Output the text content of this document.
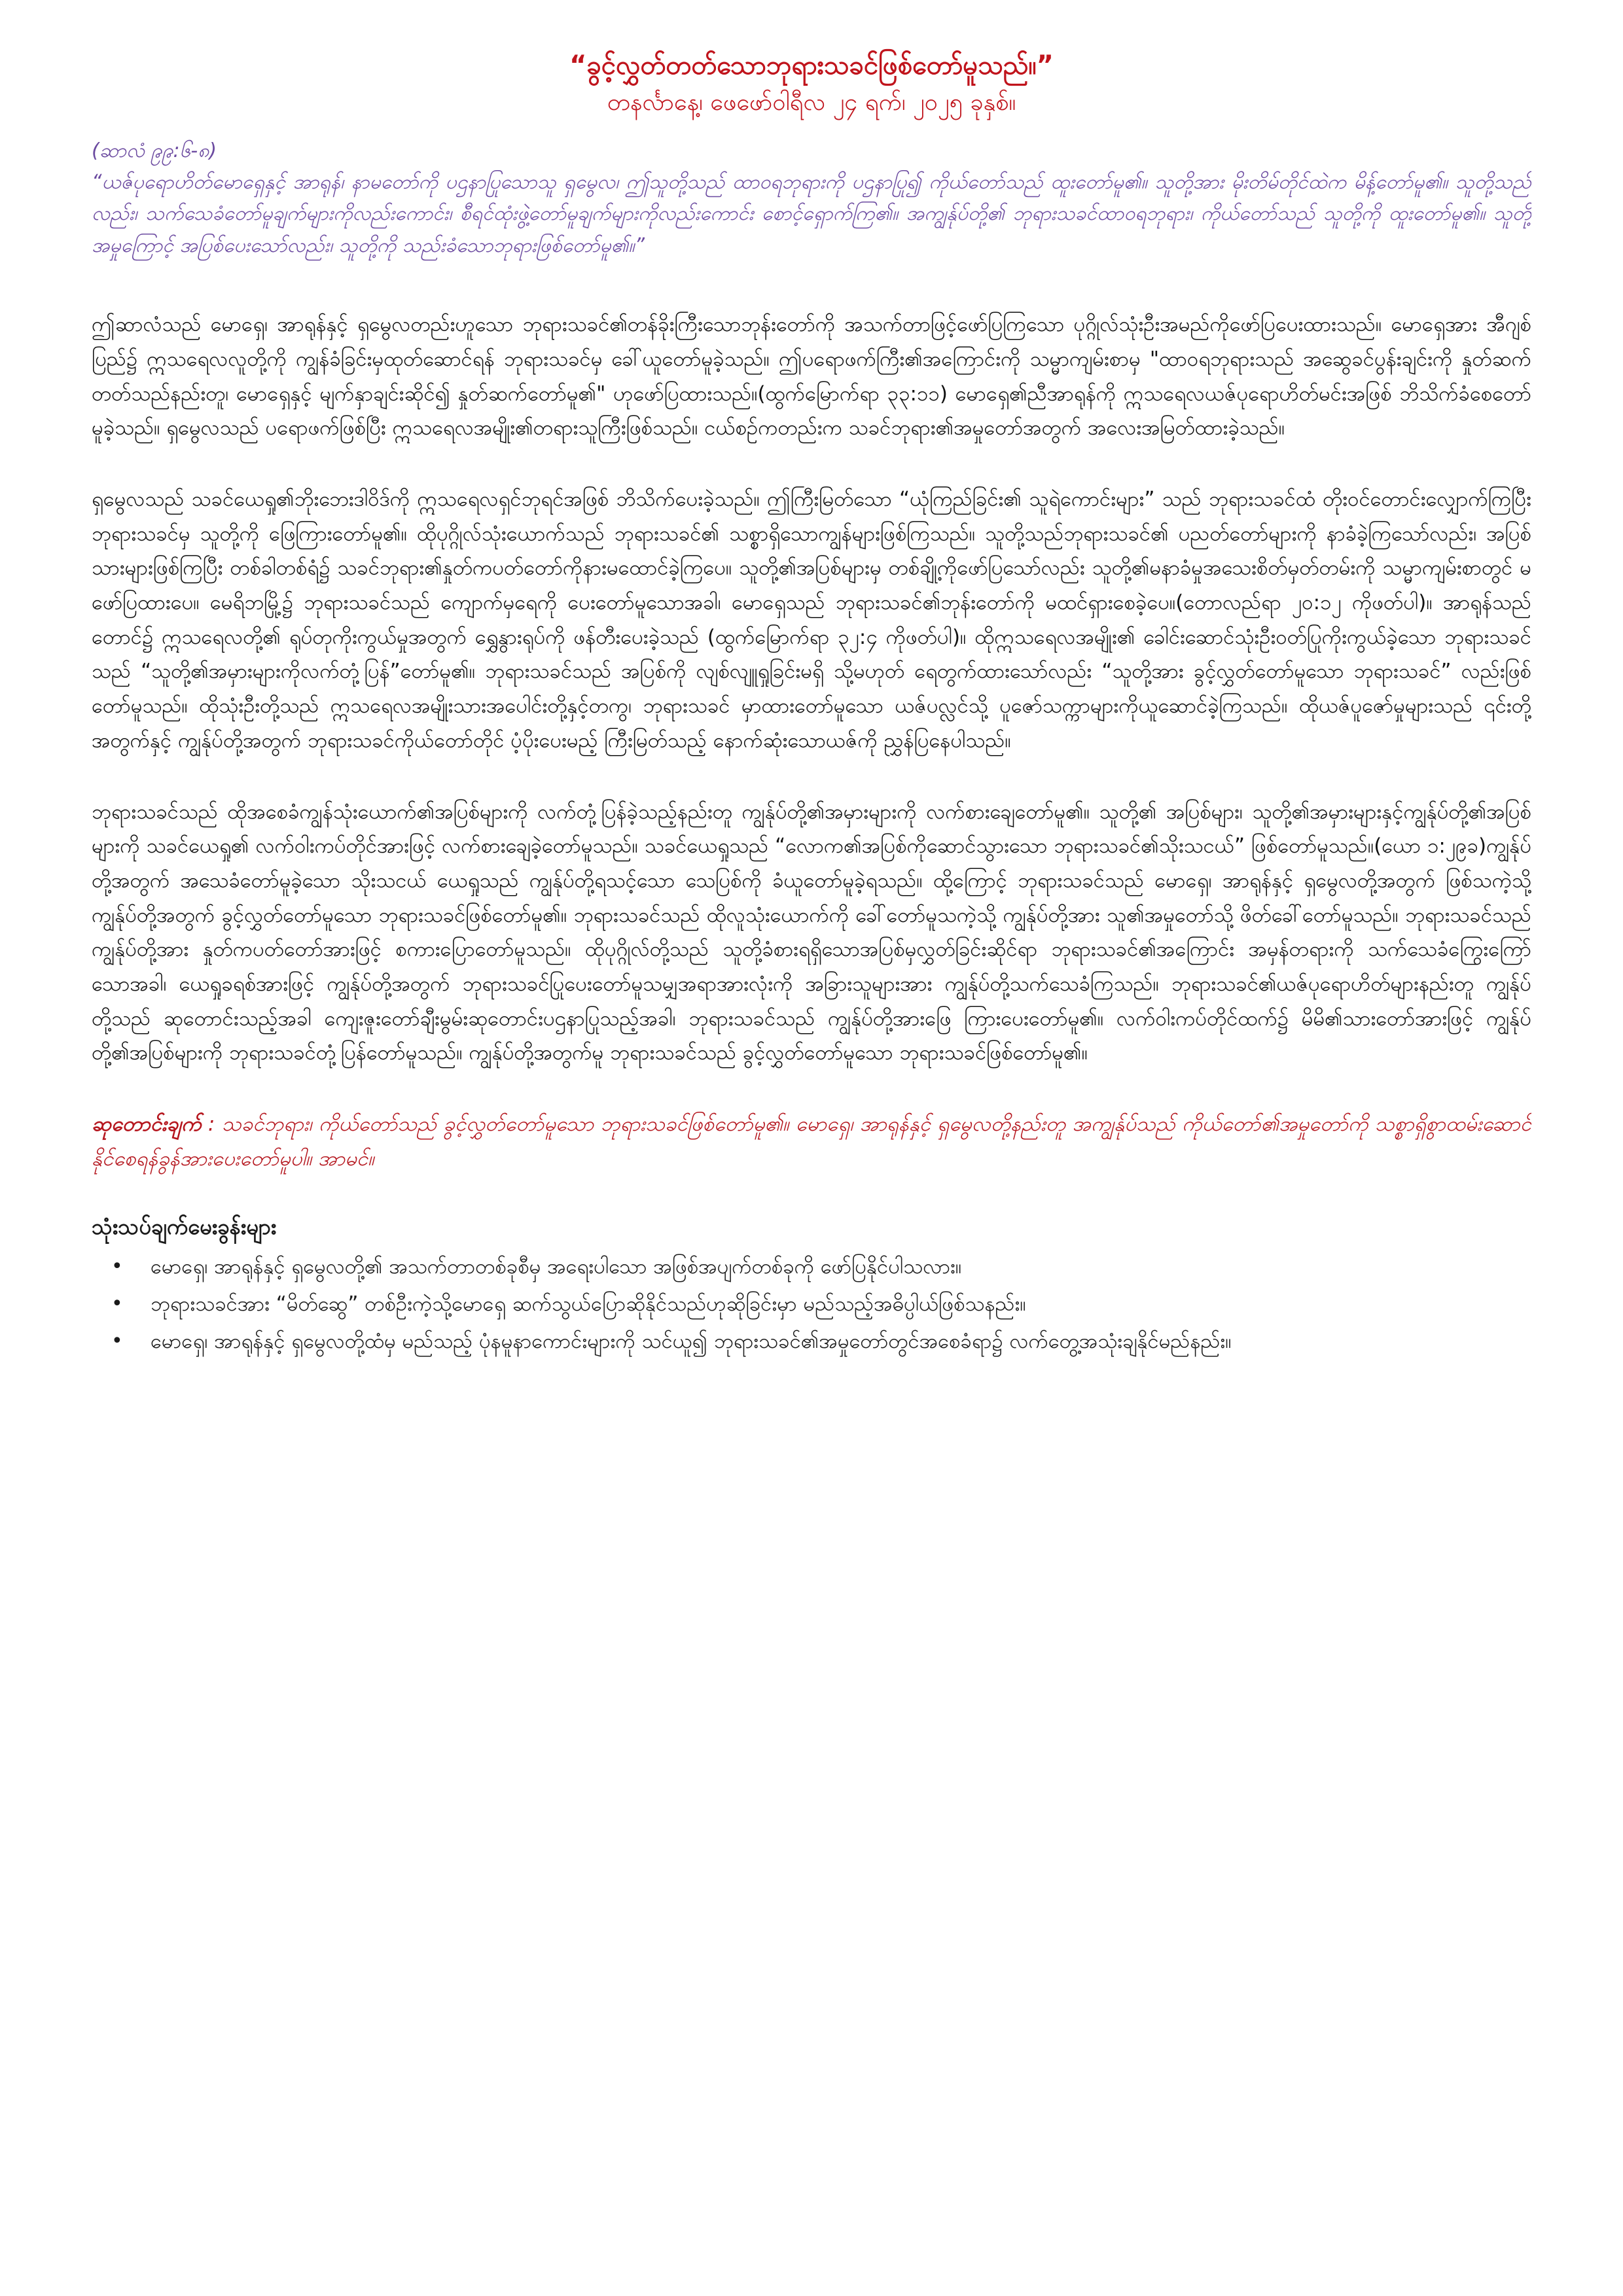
“ခွင့်လွှတ်တတ်သောဘုရားသခင်ဖြစ်တော်မူသည်။”

တနင်္လာနေ့၊ ဖေဖော်ဝါရီလ ၂၄ ရက်၊ ၂၀၂၅ ခုနှစ်။

(ဆာလံ ၉၉:၆-၈)

“ယဇ်ပုရောဟိတ်မောရှေနှင့် အာရုန်၊ နာမတော်ကို ပဌနာပြုသောသူ ရှမွေလ၊ ဤသူတို့သည် ထာဝရဘုရားကို ပဌနာပြု၍ ကိုယ်တော်သည် ထူးတော်မူ၏။ သူတို့အား မိုးတိမ်တိုင်ထဲက မိန့်တော်မူ၏။ သူတို့သည်လည်း၊ သက်သေခံတော်မူချက်များကိုလည်းကောင်း၊ စီရင်ထုံးဖွဲ့တော်မူချက်များကိုလည်းကောင်း စောင့်ရှောက်ကြ၏။ အကျွန်ုပ်တို့၏ ဘုရားသခင်ထာဝရဘုရား၊ ကိုယ်တော်သည် သူတို့ကို ထူးတော်မူ၏။ သူတို့အမှုကြောင့် အပြစ်ပေးသော်လည်း၊ သူတို့ကို သည်းခံသောဘုရားဖြစ်တော်မူ၏။”

ဤဆာလံသည် မောရှေ၊ အာရုန်နှင့် ရှမွေလတည်းဟူသော ဘုရားသခင်၏တန်ခိုးကြီးသောဘုန်းတော်ကို အသက်တာဖြင့်ဖော်ပြကြသော ပုဂ္ဂိုလ်သုံးဦးအမည်ကိုဖော်ပြပေးထားသည်။ မောရှေအား အီဂျစ်ပြည်၌ ဣသရေလလူတို့ကို ကျွန်ခံခြင်းမှထုတ်ဆောင်ရန် ဘုရားသခင်မှ ခေါ်ယူတော်မူခဲ့သည်။ ဤပရောဖက်ကြီး၏အကြောင်းကို သမ္မာကျမ်းစာမှ "ထာဝရဘုရားသည် အဆွေခင်ပွန်းချင်းကို နှုတ်ဆက်တတ်သည်နည်းတူ၊ မောရှေနှင့် မျက်နှာချင်းဆိုင်၍ နှုတ်ဆက်တော်မူ၏" ဟုဖော်ပြထားသည်။(ထွက်မြောက်ရာ ၃၃:၁၁) မောရှေ၏ညီအာရုန်ကို ဣသရေလယဇ်ပုရောဟိတ်မင်းအဖြစ် ဘိသိက်ခံစေတော်မူခဲ့သည်။ ရှမွေလသည် ပရောဖက်ဖြစ်ပြီး ဣသရေလအမျိုး၏တရားသူကြီးဖြစ်သည်။ ငယ်စဉ်ကတည်းက သခင်ဘုရား၏အမှုတော်အတွက် အလေးအမြတ်ထားခဲ့သည်။

ရှမွေလသည် သခင်ယေရှု၏ဘိုးဘေးဒါဝိဒ်ကို ဣသရေလရှင်ဘုရင်အဖြစ် ဘိသိက်ပေးခဲ့သည်။ ဤကြီးမြတ်သော “ယုံကြည်ခြင်း၏ သူရဲကောင်းများ” သည် ဘုရားသခင်ထံ တိုးဝင်တောင်းလျှောက်ကြပြီး ဘုရားသခင်မှ သူတို့ကို ဖြေကြားတော်မူ၏။ ထိုပုဂ္ဂိုလ်သုံးယောက်သည် ဘုရားသခင်၏ သစ္စာရှိသောကျွန်များဖြစ်ကြသည်။ သူတို့သည်ဘုရားသခင်၏ ပညတ်တော်များကို နာခံခဲ့ကြသော်လည်း၊ အပြစ်သားများဖြစ်ကြပြီး တစ်ခါတစ်ရံ၌ သခင်ဘုရား၏နှုတ်ကပတ်တော်ကိုနားမထောင်ခဲ့ကြပေ။ သူတို့၏အပြစ်များမှ တစ်ချို့ကိုဖော်ပြသော်လည်း သူတို့၏မနာခံမှုအသေးစိတ်မှတ်တမ်းကို သမ္မာကျမ်းစာတွင် မဖော်ပြထားပေ။ မေရိဘမြို့၌ ဘုရားသခင်သည် ကျောက်မှရေကို ပေးတော်မူသောအခါ၊ မောရှေသည် ဘုရားသခင်၏ဘုန်းတော်ကို မထင်ရှားစေခဲ့ပေ။(တောလည်ရာ ၂၀:၁၂ ကိုဖတ်ပါ)။ အာရုန်သည်တောင်၌ ဣသရေလတို့၏ ရုပ်တုကိုးကွယ်မှုအတွက် ရွှေနွားရုပ်ကို ဖန်တီးပေးခဲ့သည် (ထွက်မြောက်ရာ ၃၂:၄ ကိုဖတ်ပါ)။ ထိုဣသရေလအမျိုး၏ ခေါင်းဆောင်သုံးဦးဝတ်ပြုကိုးကွယ်ခဲ့သော ဘုရားသခင်သည် “သူတို့၏အမှားများကိုလက်တုံ့ပြန်”တော်မူ၏။ ဘုရားသခင်သည် အပြစ်ကို လျစ်လျူရှုခြင်းမရှိ သို့မဟုတ် ရေတွက်ထားသော်လည်း “သူတို့အား ခွင့်လွှတ်တော်မူသော ဘုရားသခင်” လည်းဖြစ်တော်မူသည်။ ထိုသုံးဦးတို့သည် ဣသရေလအမျိုးသားအပေါင်းတို့နှင့်တကွ၊ ဘုရားသခင် မှာထားတော်မူသော ယဇ်ပလ္လင်သို့ ပူဇော်သက္ကာများကိုယူဆောင်ခဲ့ကြသည်။ ထိုယဇ်ပူဇော်မှုများသည် ၎င်းတို့အတွက်နှင့် ကျွန်ုပ်တို့အတွက် ဘုရားသခင်ကိုယ်တော်တိုင် ပံ့ပိုးပေးမည့် ကြီးမြတ်သည့် နောက်ဆုံးသောယဇ်ကို ညွှန်ပြနေပါသည်။

ဘုရားသခင်သည် ထိုအစေခံကျွန်သုံးယောက်၏အပြစ်များကို လက်တုံ့ပြန်ခဲ့သည့်နည်းတူ ကျွန်ုပ်တို့၏အမှားများကို လက်စားချေတော်မူ၏။ သူတို့၏ အပြစ်များ၊ သူတို့၏အမှားများနှင့်ကျွန်ုပ်တို့၏အပြစ်များကို သခင်ယေရှု၏ လက်ဝါးကပ်တိုင်အားဖြင့် လက်စားချေခဲ့တော်မူသည်။ သခင်ယေရှုသည် “လောက၏အပြစ်ကိုဆောင်သွားသော ဘုရားသခင်၏သိုးသငယ်” ဖြစ်တော်မူသည်။(ယော ၁:၂၉ခ)ကျွန်ုပ်တို့အတွက် အသေခံတော်မူခဲ့သော သိုးသငယ် ယေရှုသည် ကျွန်ုပ်တို့ရသင့်သော သေပြစ်ကို ခံယူတော်မူခဲ့ရသည်။ ထို့ကြောင့် ဘုရားသခင်သည် မောရှေ၊ အာရုန်နှင့် ရှမွေလတို့အတွက် ဖြစ်သကဲ့သို့ ကျွန်ုပ်တို့အတွက် ခွင့်လွှတ်တော်မူသော ဘုရားသခင်ဖြစ်တော်မူ၏။ ဘုရားသခင်သည် ထိုလူသုံးယောက်ကို ခေါ်တော်မူသကဲ့သို့ ကျွန်ုပ်တို့အား သူ၏အမှုတော်သို့ ဖိတ်ခေါ်တော်မူသည်။ ဘုရားသခင်သည် ကျွန်ုပ်တို့အား နှုတ်ကပတ်တော်အားဖြင့် စကားပြောတော်မူသည်။ ထိုပုဂ္ဂိုလ်တို့သည် သူတို့ခံစားရရှိသောအပြစ်မှလွှတ်ခြင်းဆိုင်ရာ ဘုရားသခင်၏အကြောင်း အမှန်တရားကို သက်သေခံကြွေးကြော်သောအခါ၊ ယေရှုခရစ်အားဖြင့် ကျွန်ုပ်တို့အတွက် ဘုရားသခင်ပြုပေးတော်မူသမျှအရာအားလုံးကို အခြားသူများအား ကျွန်ုပ်တို့သက်သေခံကြသည်။ ဘုရားသခင်၏ယဇ်ပုရောဟိတ်များနည်းတူ ကျွန်ုပ်တို့သည် ဆုတောင်းသည့်အခါ ကျေးဇူးတော်ချီးမွမ်းဆုတောင်းပဌနာပြုသည့်အခါ၊ ဘုရားသခင်သည် ကျွန်ုပ်တို့အားဖြေ ကြားပေးတော်မူ၏။ လက်ဝါးကပ်တိုင်ထက်၌ မိမိ၏သားတော်အားဖြင့် ကျွန်ုပ်တို့၏အပြစ်များကို ဘုရားသခင်တုံ့ပြန်တော်မူသည်။ ကျွန်ုပ်တို့အတွက်မူ ဘုရားသခင်သည် ခွင့်လွှတ်တော်မူသော ဘုရားသခင်ဖြစ်တော်မူ၏။

ဆုတောင်းချက် : သခင်ဘုရား၊ ကိုယ်တော်သည် ခွင့်လွှတ်တော်မူသော ဘုရားသခင်ဖြစ်တော်မူ၏။ မောရှေ၊ အာရုန်နှင့် ရှမွေလတို့နည်းတူ အကျွန်ုပ်သည် ကိုယ်တော်၏အမှုတော်ကို သစ္စာရှိစွာထမ်းဆောင်နိုင်စေရန်ခွန်အားပေးတော်မူပါ။ အာမင်။

သုံးသပ်ချက်မေးခွန်းများ
• မောရှေ၊ အာရုန်နှင့် ရှမွေလတို့၏ အသက်တာတစ်ခုစီမှ အရေးပါသော အဖြစ်အပျက်တစ်ခုကို ဖော်ပြနိုင်ပါသလား။
• ဘုရားသခင်အား “မိတ်ဆွေ” တစ်ဦးကဲ့သို့မောရှေ ဆက်သွယ်ပြောဆိုနိုင်သည်ဟုဆိုခြင်းမှာ မည်သည့်အဓိပ္ပါယ်ဖြစ်သနည်း။
• မောရှေ၊ အာရုန်နှင့် ရှမွေလတို့ထံမှ မည်သည့် ပုံနမူနာကောင်းများကို သင်ယူ၍ ဘုရားသခင်၏အမှုတော်တွင်အစေခံရာ၌ လက်တွေ့အသုံးချနိုင်မည်နည်း။
